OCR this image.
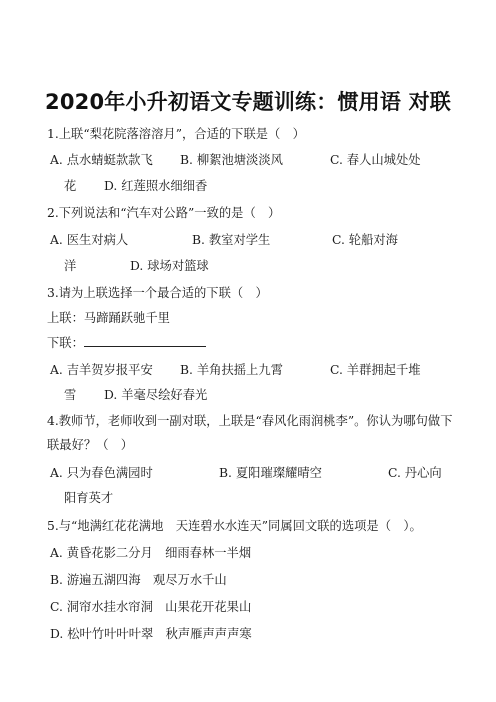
2020年小升初语文专题训练：惯用语 对联
1.上联“梨花院落溶溶月”，合适的下联是（　）
A. 点水蜻蜓款款飞 B. 柳絮池塘淡淡风	C. 春人山城处处
花 D. 红莲照水细细香
2.下列说法和“汽车对公路”一致的是（　）
A. 医生对病人	B. 教室对学生	C. 轮船对海
洋	D. 球场对篮球
3.请为上联选择一个最合适的下联（　）
上联：马蹄踊跃驰千里
下联：
A. 吉羊贺岁报平安 B. 羊角扶摇上九霄	C. 羊群拥起千堆
雪 D. 羊毫尽绘好春光
4.教师节，老师收到一副对联，上联是“春风化雨润桃李”。你认为哪句做下
联最好？（　）
A. 只为春色满园时	B. 夏阳璀璨耀晴空	C. 丹心向
阳育英才
5.与“地满红花花满地　天连碧水水连天”同属回文联的选项是（　）。
A. 黄昏花影二分月　细雨春林一半烟
B. 游遍五湖四海　观尽万水千山
C. 洞帘水挂水帘洞　山果花开花果山
D. 松叶竹叶叶叶翠　秋声雁声声声寒
